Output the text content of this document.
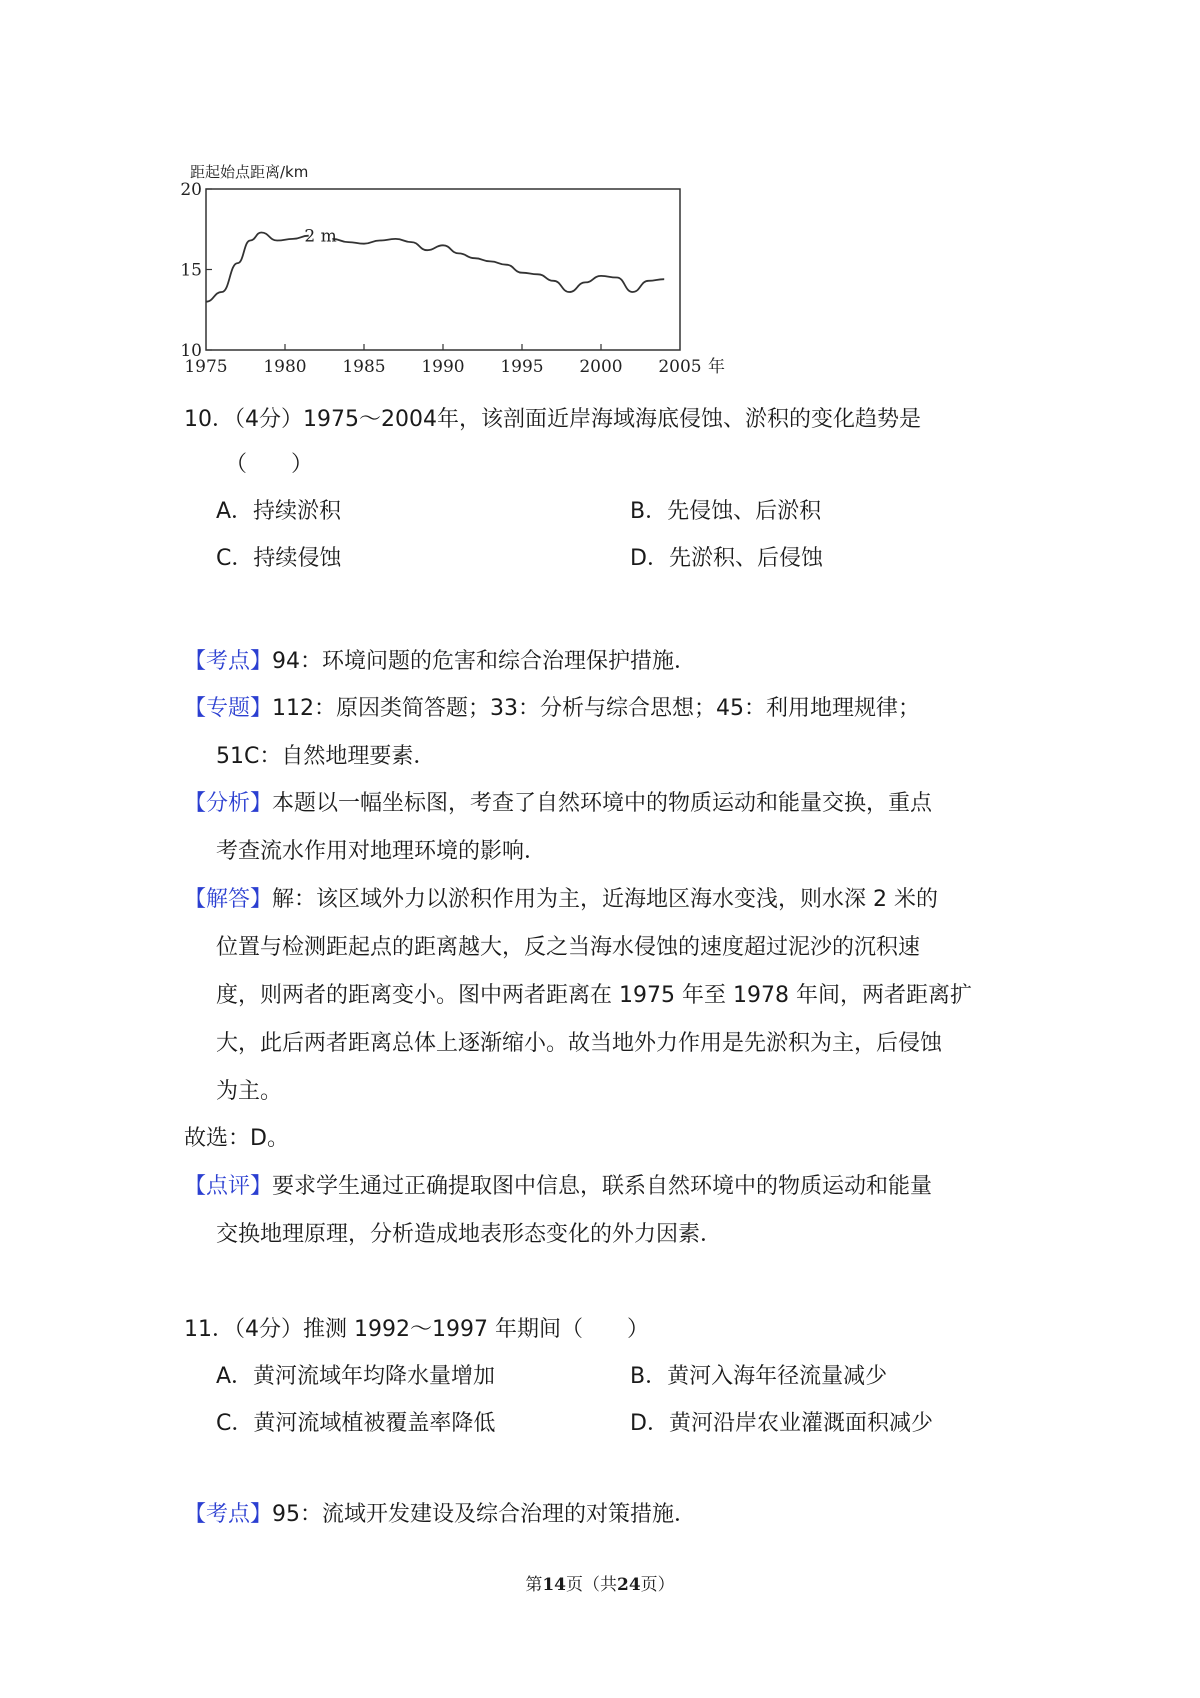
距起始点距离/km
20
15
10
1975 1980 1985 1990 1995 2000 2005 年
2 m
10．（4分）1975～2004年，该剖面近岸海域海底侵蚀、淤积的变化趋势是
（　　）
A．持续淤积	B．先侵蚀、后淤积
C．持续侵蚀	D．先淤积、后侵蚀
【考点】94：环境问题的危害和综合治理保护措施．
【专题】112：原因类简答题；33：分析与综合思想；45：利用地理规律；
51C：自然地理要素．
【分析】本题以一幅坐标图，考查了自然环境中的物质运动和能量交换，重点
考查流水作用对地理环境的影响．
【解答】解：该区域外力以淤积作用为主，近海地区海水变浅，则水深 2 米的
位置与检测距起点的距离越大，反之当海水侵蚀的速度超过泥沙的沉积速
度，则两者的距离变小。图中两者距离在 1975 年至 1978 年间，两者距离扩
大，此后两者距离总体上逐渐缩小。故当地外力作用是先淤积为主，后侵蚀
为主。
故选：D。
【点评】要求学生通过正确提取图中信息，联系自然环境中的物质运动和能量
交换地理原理，分析造成地表形态变化的外力因素．
11．（4分）推测 1992～1997 年期间（　　）
A．黄河流域年均降水量增加	B．黄河入海年径流量减少
C．黄河流域植被覆盖率降低	D．黄河沿岸农业灌溉面积减少
【考点】95：流域开发建设及综合治理的对策措施．
第14页（共24页）
